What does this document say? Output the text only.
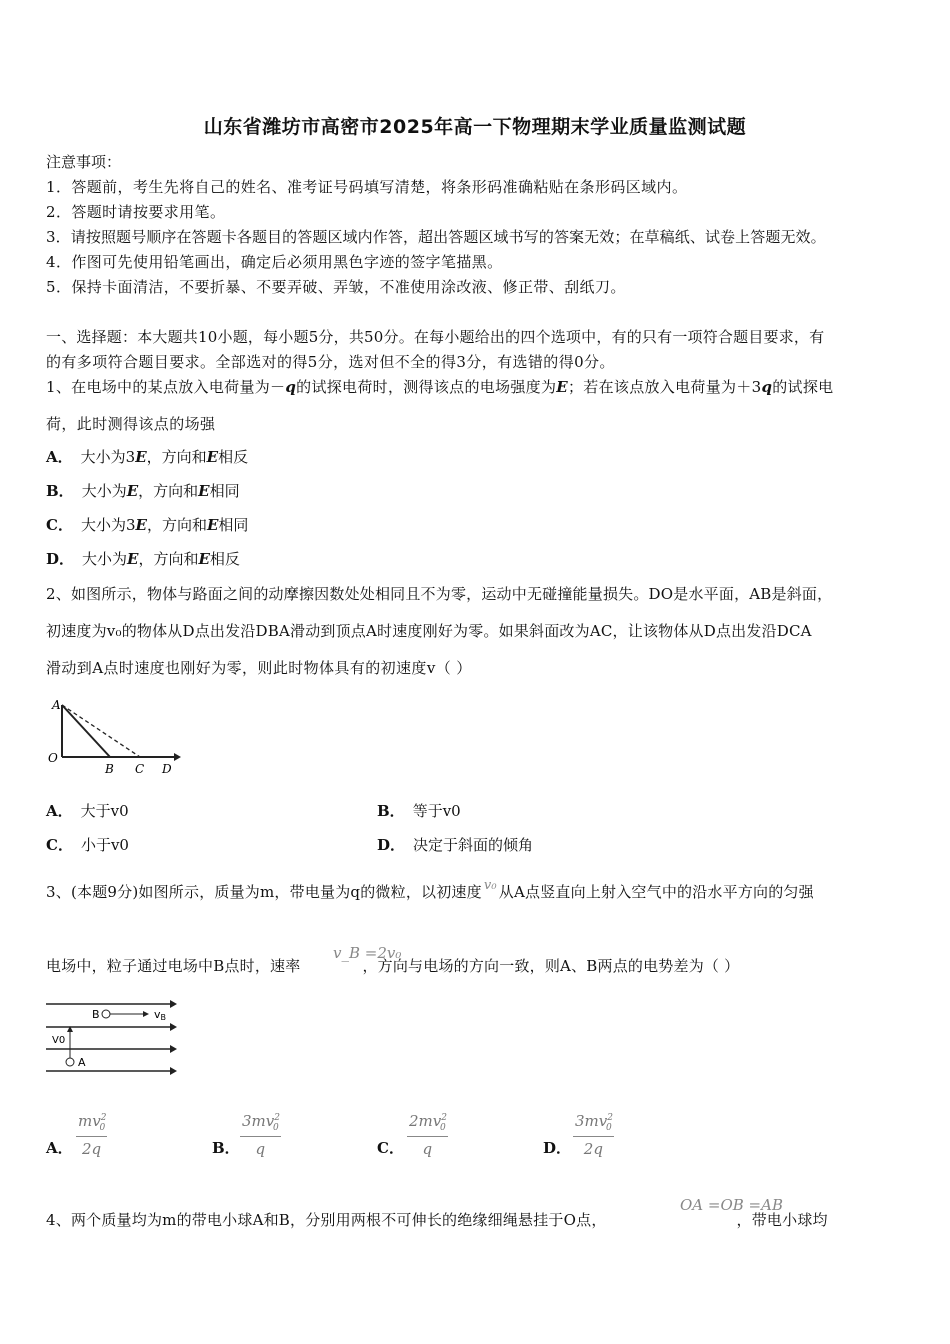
山东省潍坊市高密市2025年高一下物理期末学业质量监测试题
注意事项：
1．答题前，考生先将自己的姓名、准考证号码填写清楚，将条形码准确粘贴在条形码区域内。
2．答题时请按要求用笔。
3．请按照题号顺序在答题卡各题目的答题区域内作答，超出答题区域书写的答案无效；在草稿纸、试卷上答题无效。
4．作图可先使用铅笔画出，确定后必须用黑色字迹的签字笔描黑。
5．保持卡面清洁，不要折暴、不要弄破、弄皱，不准使用涂改液、修正带、刮纸刀。
一、选择题：本大题共10小题，每小题5分，共50分。在每小题给出的四个选项中，有的只有一项符合题目要求，有
的有多项符合题目要求。全部选对的得5分，选对但不全的得3分，有选错的得0分。
1、在电场中的某点放入电荷量为－q的试探电荷时，测得该点的电场强度为E；若在该点放入电荷量为＋3q的试探电
荷，此时测得该点的场强
A． 大小为3E，方向和E相反
B． 大小为E，方向和E相同
C． 大小为3E，方向和E相同
D． 大小为E，方向和E相反
2、如图所示，物体与路面之间的动摩擦因数处处相同且不为零，运动中无碰撞能量损失。DO是水平面，AB是斜面，
初速度为v₀的物体从D点出发沿DBA滑动到顶点A时速度刚好为零。如果斜面改为AC，让该物体从D点出发沿DCA
滑动到A点时速度也刚好为零，则此时物体具有的初速度v（ ）
A
O
B C D
A． 大于v0	B． 等于v0
C． 小于v0	D． 决定于斜面的倾角
3、(本题9分)如图所示，质量为m，带电量为q的微粒，以初速度 v₀ 从A点竖直向上射入空气中的沿水平方向的匀强
电场中，粒子通过电场中B点时，速率	，方向与电场的方向一致，则A、B两点的电势差为（ ）
v_B =2v₀
B	vB
V0
A
A． $\frac{mv^2_0}{2q}$	B． $\frac{3mv^2_0}{q}$	C． $\frac{2mv^2_0}{q}$	D． $\frac{3mv^2_0}{2q}$
4、两个质量均为m的带电小球A和B，分别用两根不可伸长的绝缘细绳悬挂于O点，	，带电小球均
OA =OB =AB
